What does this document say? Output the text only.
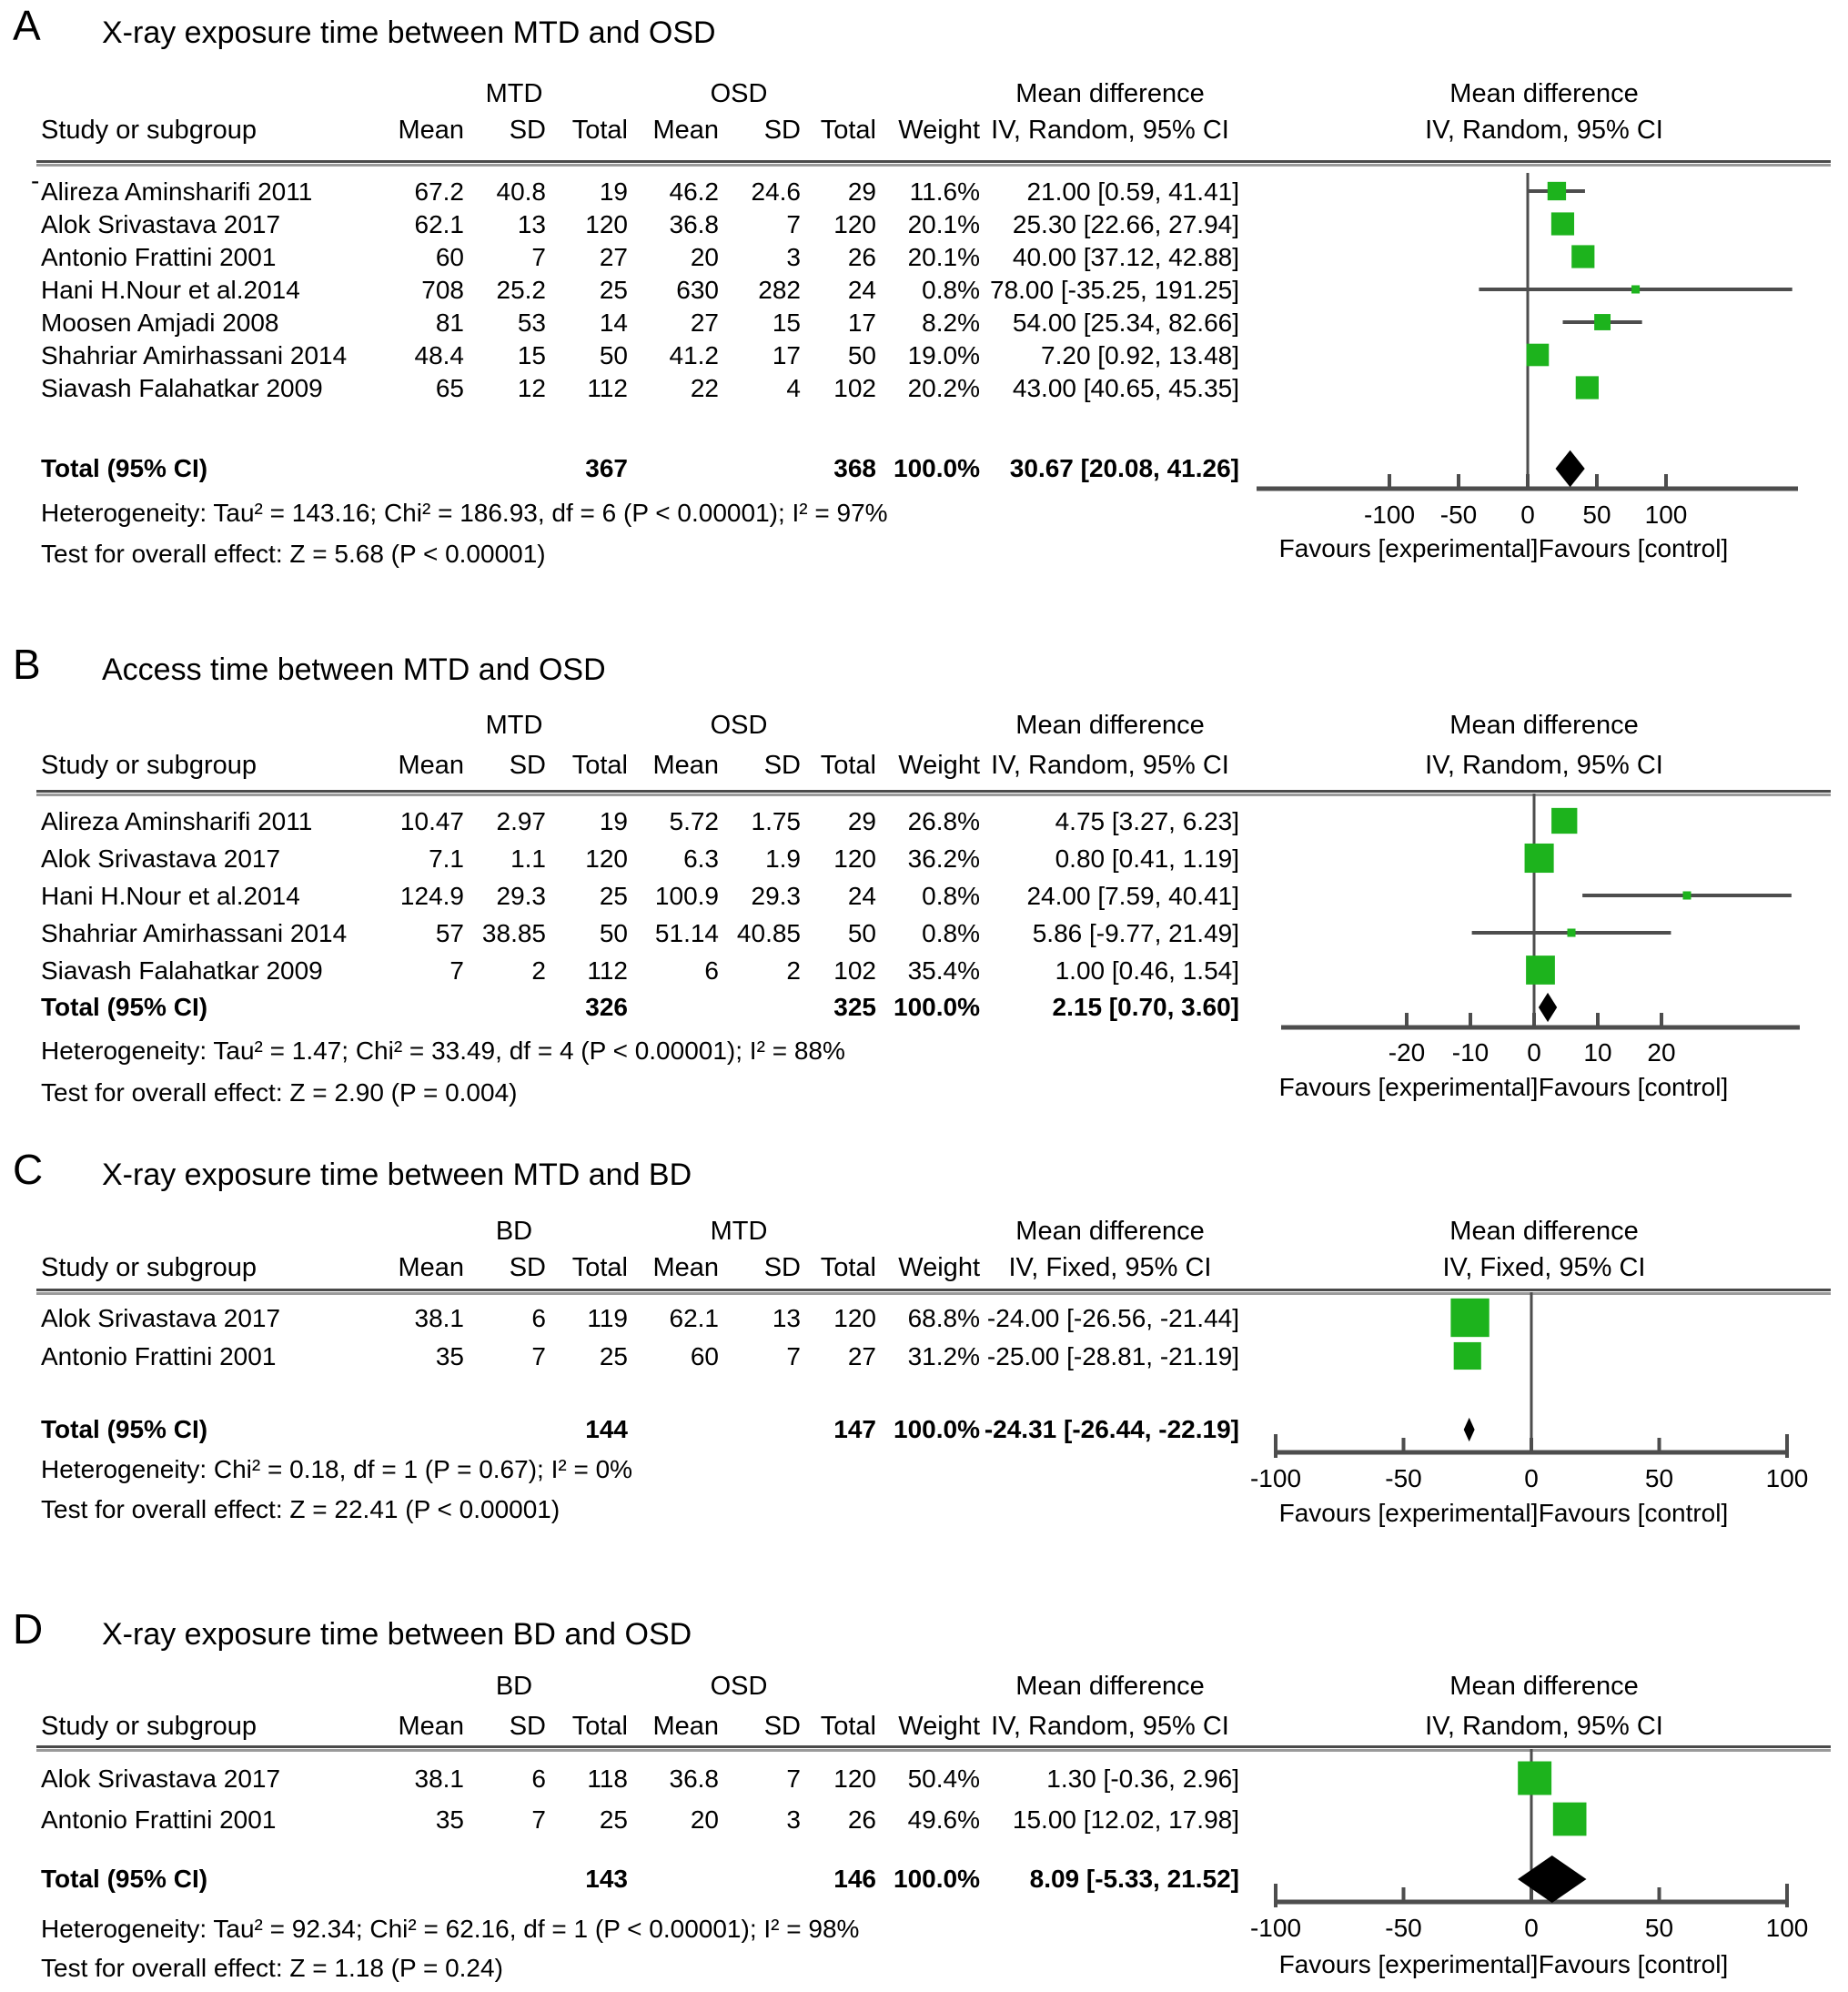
A X-ray exposure time between MTD and OSD
MTD	OSD	Mean difference	Mean difference
Study or subgroup	Mean	SD Total Mean	SD Total Weight IV, Random, 95% CI	IV, Random, 95% CI
- Alireza Aminsharifi 2011	67.2	40.8	19	46.2	24.6	29	11.6%	21.00 [0.59, 41.41]
Alok Srivastava 2017	62.1	13	120	36.8	7	120	20.1%	25.30 [22.66, 27.94]
Antonio Frattini 2001	60	7	27	20	3	26	20.1%	40.00 [37.12, 42.88]
Hani H.Nour et al.2014	708	25.2	25	630	282	24	0.8% 78.00 [-35.25, 191.25]
Moosen Amjadi 2008	81	53	14	27	15	17	8.2%	54.00 [25.34, 82.66]
Shahriar Amirhassani 2014	48.4	15	50	41.2	17	50	19.0%	7.20 [0.92, 13.48]
Siavash Falahatkar 2009	65	12	112	22	4	102	20.2%	43.00 [40.65, 45.35]
Total (95% CI)	367	368 100.0%	30.67 [20.08, 41.26]
Heterogeneity: Tau² = 143.16; Chi² = 186.93, df = 6 (P < 0.00001); I² = 97%
Test for overall effect: Z = 5.68 (P < 0.00001)
-100 -50	0	50	100
Favours [experimental] Favours [control]
B Access time between MTD and OSD
MTD	OSD	Mean difference	Mean difference
Study or subgroup	Mean	SD Total Mean	SD Total Weight IV, Random, 95% CI	IV, Random, 95% CI
Alireza Aminsharifi 2011	10.47	2.97	19	5.72	1.75	29	26.8%	4.75 [3.27, 6.23]
Alok Srivastava 2017	7.1	1.1	120	6.3	1.9	120	36.2%	0.80 [0.41, 1.19]
Hani H.Nour et al.2014	124.9	29.3	25	100.9	29.3	24	0.8%	24.00 [7.59, 40.41]
Shahriar Amirhassani 2014	57 38.85	50	51.14 40.85	50	0.8%	5.86 [-9.77, 21.49]
Siavash Falahatkar 2009	7	2	112	6	2	102	35.4%	1.00 [0.46, 1.54]
Total (95% CI)	326	325 100.0%	2.15 [0.70, 3.60]
Heterogeneity: Tau² = 1.47; Chi² = 33.49, df = 4 (P < 0.00001); I² = 88%
Test for overall effect: Z = 2.90 (P = 0.004)
-20	-10	0	10	20
Favours [experimental] Favours [control]
C X-ray exposure time between MTD and BD
BD	MTD	Mean difference	Mean difference
Study or subgroup	Mean	SD Total Mean	SD Total Weight	IV, Fixed, 95% CI	IV, Fixed, 95% CI
Alok Srivastava 2017	38.1	6	119	62.1	13	120	68.8% -24.00 [-26.56, -21.44]
Antonio Frattini 2001	35	7	25	60	7	27	31.2% -25.00 [-28.81, -21.19]
Total (95% CI)	144	147 100.0% -24.31 [-26.44, -22.19]
Heterogeneity: Chi² = 0.18, df = 1 (P = 0.67); I² = 0%
Test for overall effect: Z = 22.41 (P < 0.00001)
-100	-50	0	50	100
Favours [experimental] Favours [control]
D X-ray exposure time between BD and OSD
BD	OSD	Mean difference	Mean difference
Study or subgroup	Mean	SD Total Mean	SD Total Weight IV, Random, 95% CI	IV, Random, 95% CI
Alok Srivastava 2017	38.1	6	118	36.8	7	120	50.4%	1.30 [-0.36, 2.96]
Antonio Frattini 2001	35	7	25	20	3	26	49.6%	15.00 [12.02, 17.98]
Total (95% CI)	143	146 100.0%	8.09 [-5.33, 21.52]
Heterogeneity: Tau² = 92.34; Chi² = 62.16, df = 1 (P < 0.00001); I² = 98%
Test for overall effect: Z = 1.18 (P = 0.24)
-100	-50	0	50	100
Favours [experimental] Favours [control]
